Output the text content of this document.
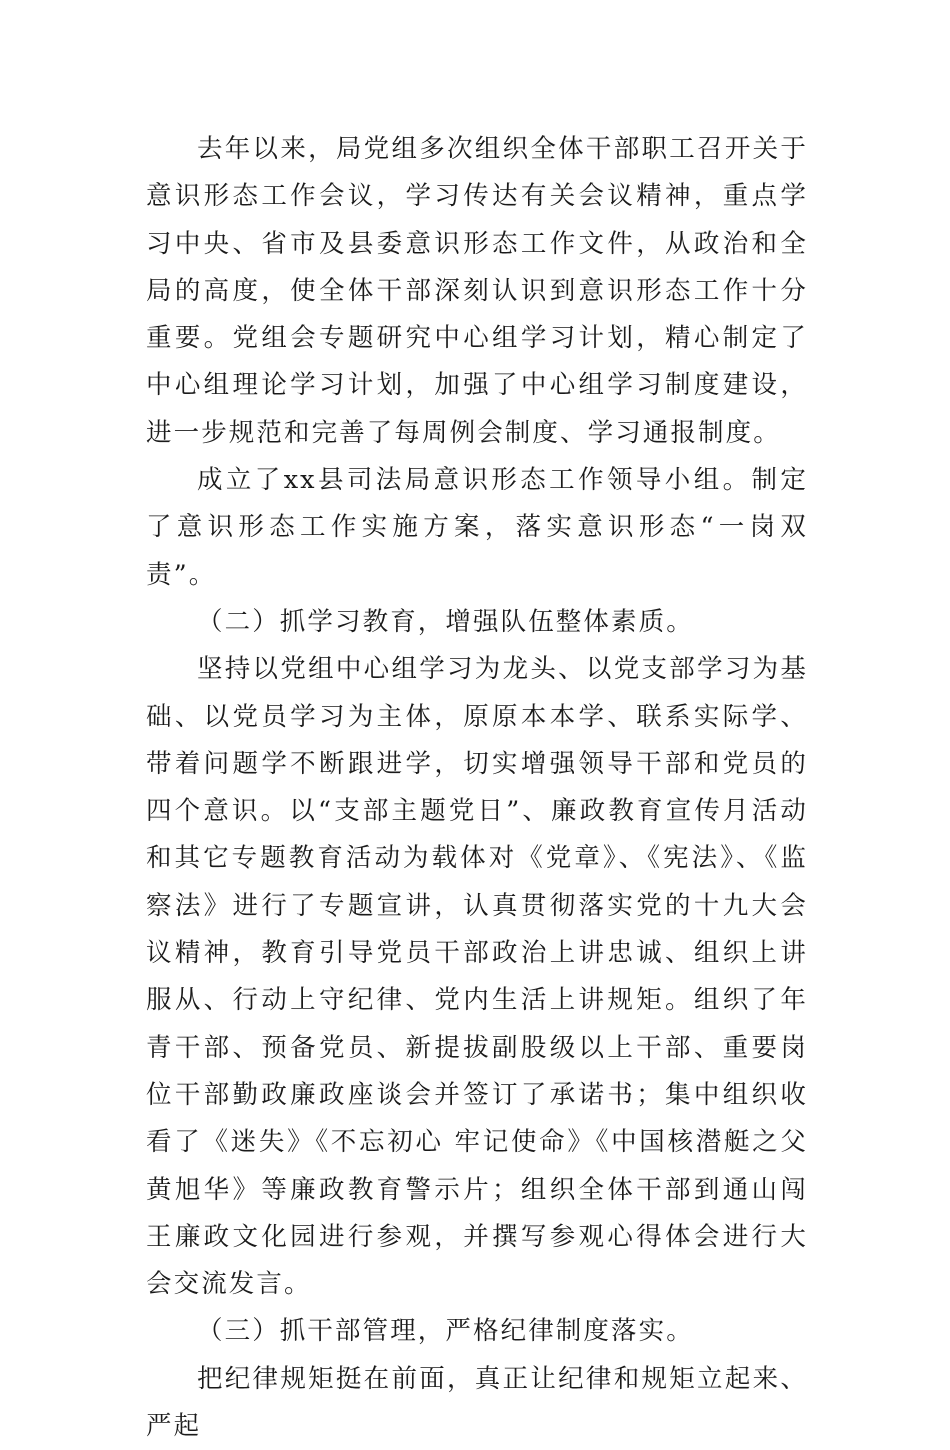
去年以来，局党组多次组织全体干部职工召开关于意识形态工作会议，学习传达有关会议精神，重点学习中央、省市及县委意识形态工作文件，从政治和全局的高度，使全体干部深刻认识到意识形态工作十分重要。党组会专题研究中心组学习计划，精心制定了中心组理论学习计划，加强了中心组学习制度建设，进一步规范和完善了每周例会制度、学习通报制度。

成立了xx县司法局意识形态工作领导小组。制定了意识形态工作实施方案，落实意识形态“一岗双责”。

（二）抓学习教育，增强队伍整体素质。

坚持以党组中心组学习为龙头、以党支部学习为基础、以党员学习为主体，原原本本学、联系实际学、带着问题学不断跟进学，切实增强领导干部和党员的四个意识。以“支部主题党日”、廉政教育宣传月活动和其它专题教育活动为载体对《党章》、《宪法》、《监察法》进行了专题宣讲，认真贯彻落实党的十九大会议精神，教育引导党员干部政治上讲忠诚、组织上讲服从、行动上守纪律、党内生活上讲规矩。组织了年青干部、预备党员、新提拔副股级以上干部、重要岗位干部勤政廉政座谈会并签订了承诺书；集中组织收看了《迷失》《不忘初心 牢记使命》《中国核潜艇之父黄旭华》等廉政教育警示片；组织全体干部到通山闯王廉政文化园进行参观，并撰写参观心得体会进行大会交流发言。

（三）抓干部管理，严格纪律制度落实。

把纪律规矩挺在前面，真正让纪律和规矩立起来、严起
